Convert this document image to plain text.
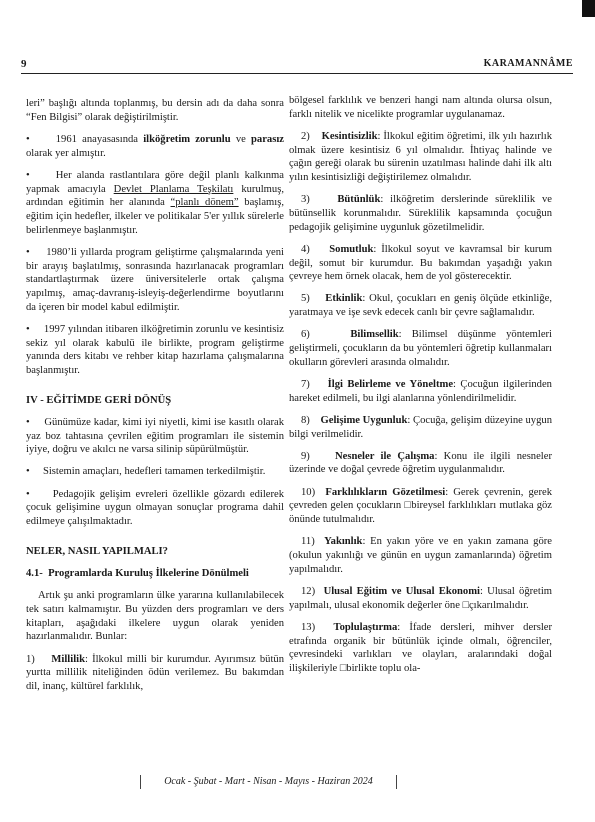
9	KARAMANNÂME

leri” başlığı altında toplanmış, bu dersin adı da daha sonra “Fen Bilgisi” olarak değiştirilmiştir.

•     1961 anayasasında ilköğretim zorunlu ve parasız olarak yer almıştır.

•     Her alanda rastlantılara göre değil planlı kalkınma yapmak amacıyla Devlet Planlama Teşkilatı kurulmuş, ardından eğitimin her alanında “planlı dönem” başlamış, eğitim için hedefler, ilkeler ve politikalar 5'er yıllık sürelerle belirlenmeye başlanmıştır.

•     1980’li yıllarda program geliştirme çalışmalarında yeni bir arayış başlatılmış, sonrasında hazırlanacak programları standartlaştırmak üzere üniversitelerle ortak çalışma yapılmış, amaç-davranış-isleyiş-değerlendirme boyutlarını da içeren bir model kabul edilmiştir.

•     1997 yılından itibaren ilköğretimin zorunlu ve kesintisiz sekiz yıl olarak kabulü ile birlikte, program geliştirme yanında ders kitabı ve rehber kitap hazırlama çalışmalarına başlanmıştır.

IV - EĞİTİMDE GERİ DÖNÜŞ

•     Günümüze kadar, kimi iyi niyetli, kimi ise kasıtlı olarak yaz boz tahtasına çevrilen eğitim programları ile sistemin iyiye, doğru ve akılcı ne varsa silinip süpürülmüştür.

•     Sistemin amaçları, hedefleri tamamen terkedilmiştir.

•     Pedagojik gelişim evreleri özellikle gözardı edilerek çocuk gelişimine uygun olmayan sonuçlar programa dahil edilmeye çalışılmaktadır.

NELER, NASIL YAPILMALI?

4.1-  Programlarda Kuruluş İlkelerine Dönülmeli

Artık şu anki programların ülke yararına kullanılabilecek tek satırı kalmamıştır. Bu yüzden ders programları ve ders kitapları, aşağıdaki ilkelere uygun olarak yeniden hazırlanmalıdır. Bunlar:

1)    Millilik: İlkokul milli bir kurumdur. Ayırımsız bütün yurtta millilik niteliğinden ödün verilemez. Bu bakımdan dil, inanç, kültürel farklılık,

bölgesel farklılık ve benzeri hangi nam altında olursa olsun, farklı nitelik ve nicelikte programlar uygulanamaz.

2)    Kesintisizlik: İlkokul eğitim öğretimi, ilk yılı hazırlık olmak üzere kesintisiz 6 yıl olmalıdır. İhtiyaç halinde ve çağın gereği olarak bu sürenin uzatılması halinde dahi ilk altı yılın kesintisizliği değiştirilemez olmalıdır.

3)    Bütünlük: ilköğretim derslerinde süreklilik ve bütünsellik korunmalıdır. Süreklilik kapsamında çocuğun pedagojik gelişimine uygunluk gözetilmelidir.

4)    Somutluk: İlkokul soyut ve kavramsal bir kurum değil, somut bir kurumdur. Bu bakımdan yaşadığı yakın çevreye hem örnek olacak, hem de yol gösterecektir.

5)    Etkinlik: Okul, çocukları en geniş ölçüde etkinliğe, yaratmaya ve işe sevk edecek canlı bir çevre sağlamalıdır.

6)    Bilimsellik: Bilimsel düşünme yöntemleri geliştirmeli, çocukların da bu yöntemleri öğretip kullanmaları okulların görevleri arasında olmalıdır.

7)    İlgi Belirleme ve Yöneltme: Çocuğun ilgilerinden hareket edilmeli, bu ilgi alanlarına yönlendirilmelidir.

8)    Gelişime Uygunluk: Çocuğa, gelişim düzeyine uygun bilgi verilmelidir.

9)    Nesneler ile Çalışma: Konu ile ilgili nesneler üzerinde ve doğal çevrede öğretim uygulanmalıdır.

10)  Farklılıkların Gözetilmesi: Gerek çevrenin, gerek çevreden gelen çocukların □bireysel farklılıkları mutlaka göz önünde tutulmalıdır.

11)  Yakınlık: En yakın yöre ve en yakın zamana göre (okulun yakınlığı ve günün en uygun zamanlarında) öğretim yapılmalıdır.

12)  Ulusal Eğitim ve Ulusal Ekonomi: Ulusal öğretim yapılmalı, ulusal ekonomik değerler öne □çıkarılmalıdır.

13)  Toplulaştırma: İfade dersleri, mihver dersler etrafında organik bir bütünlük içinde olmalı, öğrenciler, çevresindeki varlıkları ve olayları, aralarındaki doğal ilişkileriyle □birlikte toplu ola-

Ocak - Şubat - Mart - Nisan - Mayıs - Haziran 2024
